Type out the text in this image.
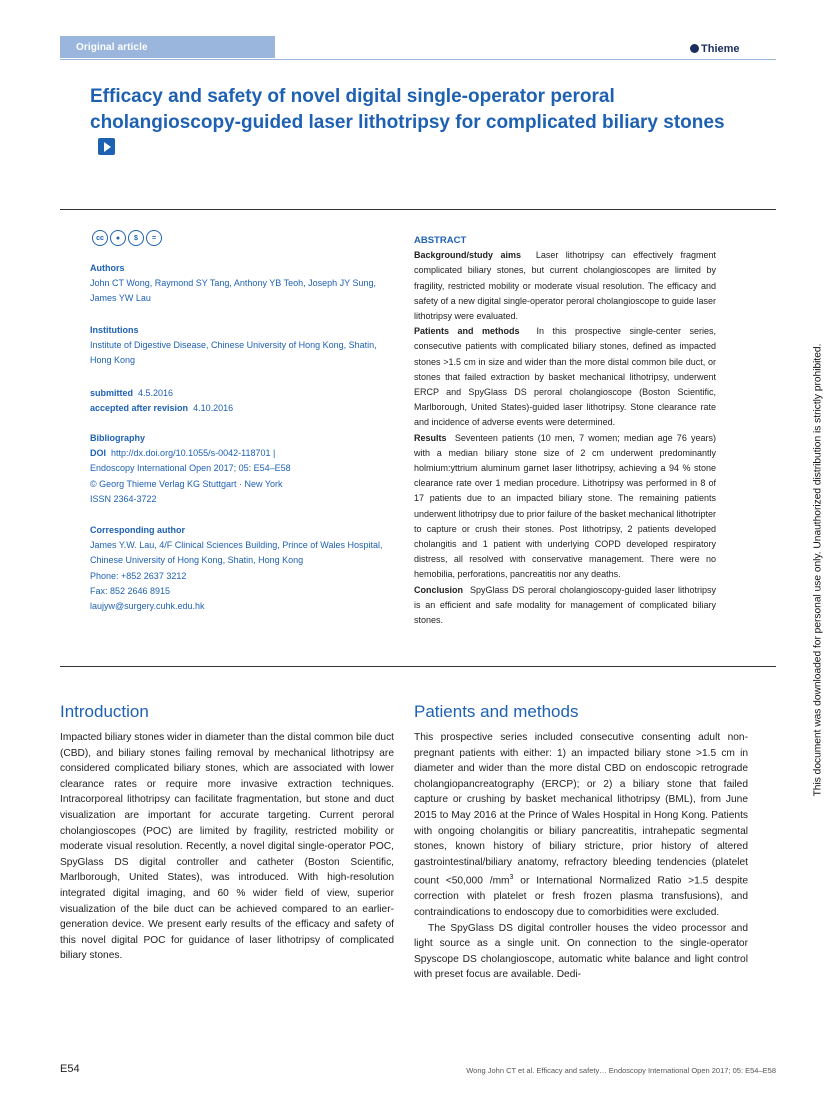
Original article	Thieme
Efficacy and safety of novel digital single-operator peroral cholangioscopy-guided laser lithotripsy for complicated biliary stones
cc	●	$	=
Authors
John CT Wong, Raymond SY Tang, Anthony YB Teoh, Joseph JY Sung, James YW Lau
Institutions
Institute of Digestive Disease, Chinese University of Hong Kong, Shatin, Hong Kong
submitted 4.5.2016
accepted after revision 4.10.2016
Bibliography
DOI http://dx.doi.org/10.1055/s-0042-118701 |
Endoscopy International Open 2017; 05: E54–E58
© Georg Thieme Verlag KG Stuttgart · New York
ISSN 2364-3722
Corresponding author
James Y.W. Lau, 4/F Clinical Sciences Building, Prince of Wales Hospital, Chinese University of Hong Kong, Shatin, Hong Kong
Phone: +852 2637 3212
Fax: 852 2646 8915
laujyw@surgery.cuhk.edu.hk
ABSTRACT

Background/study aims Laser lithotripsy can effectively fragment complicated biliary stones, but current cholangioscopes are limited by fragility, restricted mobility or moderate visual resolution. The efficacy and safety of a new digital single-operator peroral cholangioscope to guide laser lithotripsy were evaluated.

Patients and methods In this prospective single-center series, consecutive patients with complicated biliary stones, defined as impacted stones >1.5 cm in size and wider than the more distal common bile duct, or stones that failed extraction by basket mechanical lithotripsy, underwent ERCP and SpyGlass DS peroral cholangioscope (Boston Scientific, Marlborough, United States)-guided laser lithotripsy. Stone clearance rate and incidence of adverse events were determined.

Results Seventeen patients (10 men, 7 women; median age 76 years) with a median biliary stone size of 2 cm underwent predominantly holmium:yttrium aluminum garnet laser lithotripsy, achieving a 94 % stone clearance rate over 1 median procedure. Lithotripsy was performed in 8 of 17 patients due to an impacted biliary stone. The remaining patients underwent lithotripsy due to prior failure of the basket mechanical lithotripter to capture or crush their stones. Post lithotripsy, 2 patients developed cholangitis and 1 patient with underlying COPD developed respiratory distress, all resolved with conservative management. There were no hemobilia, perforations, pancreatitis nor any deaths.

Conclusion SpyGlass DS peroral cholangioscopy-guided laser lithotripsy is an efficient and safe modality for management of complicated biliary stones.

Introduction

Impacted biliary stones wider in diameter than the distal common bile duct (CBD), and biliary stones failing removal by mechanical lithotripsy are considered complicated biliary stones, which are associated with lower clearance rates or require more invasive extraction techniques. Intracorporeal lithotripsy can facilitate fragmentation, but stone and duct visualization are important for accurate targeting. Current peroral cholangioscopes (POC) are limited by fragility, restricted mobility or moderate visual resolution. Recently, a novel digital single-operator POC, SpyGlass DS digital controller and catheter (Boston Scientific, Marlborough, United States), was introduced. With high-resolution integrated digital imaging, and 60 % wider field of view, superior visualization of the bile duct can be achieved compared to an earlier-generation device. We present early results of the efficacy and safety of this novel digital POC for guidance of laser lithotripsy of complicated biliary stones.

Patients and methods

This prospective series included consecutive consenting adult non-pregnant patients with either: 1) an impacted biliary stone >1.5 cm in diameter and wider than the more distal CBD on endoscopic retrograde cholangiopancreatography (ERCP); or 2) a biliary stone that failed capture or crushing by basket mechanical lithotripsy (BML), from June 2015 to May 2016 at the Prince of Wales Hospital in Hong Kong. Patients with ongoing cholangitis or biliary pancreatitis, intrahepatic segmental stones, known history of biliary stricture, prior history of altered gastrointestinal/biliary anatomy, refractory bleeding tendencies (platelet count <50,000 $/mm^3$ or International Normalized Ratio >1.5 despite correction with platelet or fresh frozen plasma transfusions), and contraindications to endoscopy due to comorbidities were excluded.

The SpyGlass DS digital controller houses the video processor and light source as a single unit. On connection to the single-operator Spyscope DS cholangioscope, automatic white balance and light control with preset focus are available. Dedi-

This document was downloaded for personal use only. Unauthorized distribution is strictly prohibited.
E54	Wong John CT et al. Efficacy and safety… Endoscopy International Open 2017; 05: E54–E58
